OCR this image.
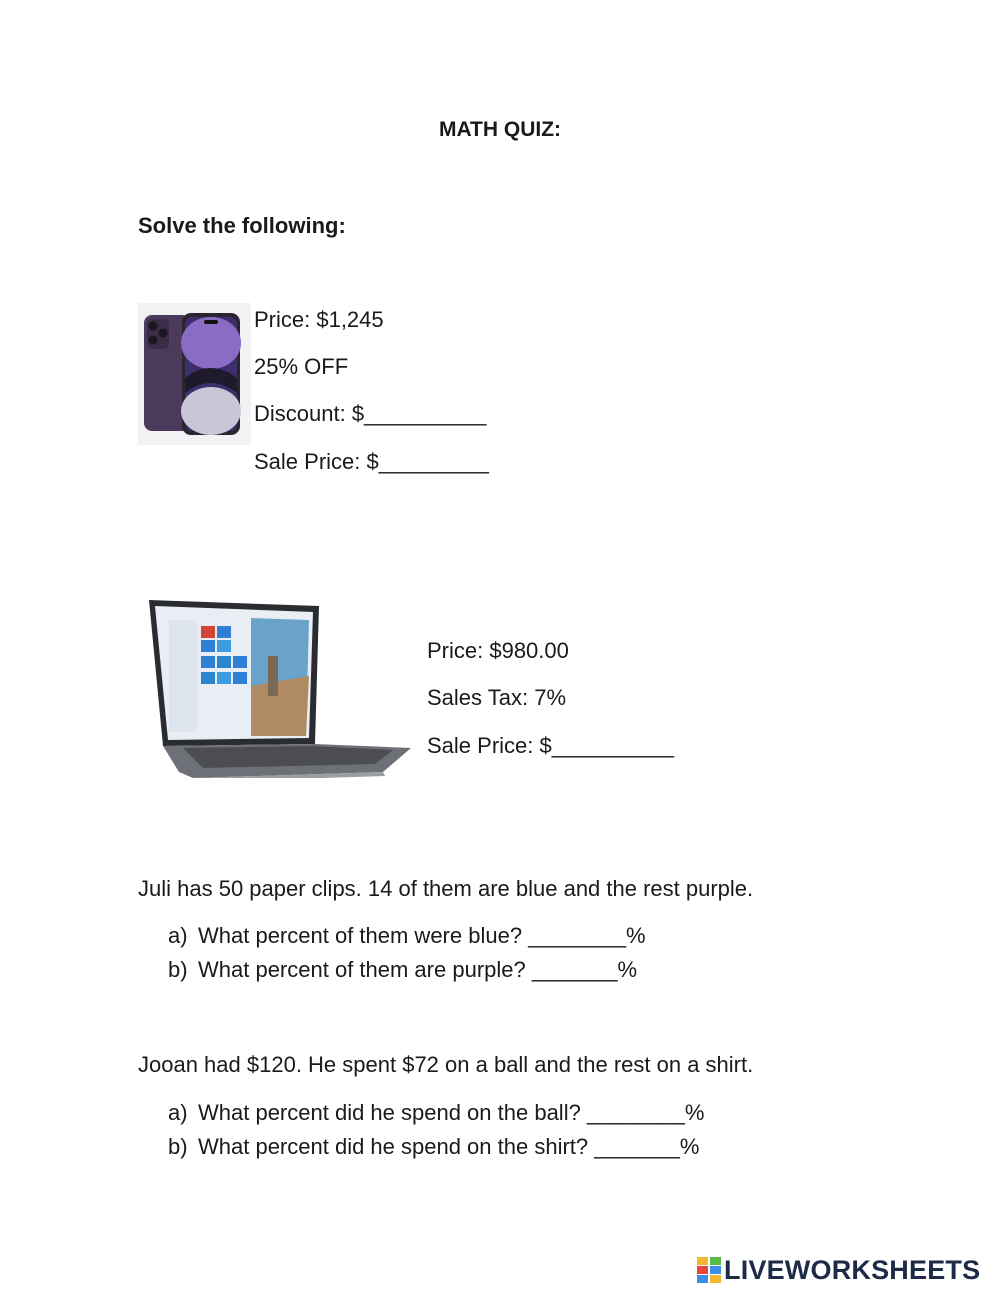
MATH QUIZ:
Solve the following:
Price: $1,245
25% OFF
Discount: $__________
Sale Price: $_________
Price: $980.00
Sales Tax: 7%
Sale Price: $__________
Juli has 50 paper clips. 14 of them are blue and the rest purple.
a) What percent of them were blue? ________%
b) What percent of them are purple? _______%
Jooan had $120. He spent $72 on a ball and the rest on a shirt.
a) What percent did he spend on the ball? ________%
b) What percent did he spend on the shirt? _______%
LIVEWORKSHEETS
